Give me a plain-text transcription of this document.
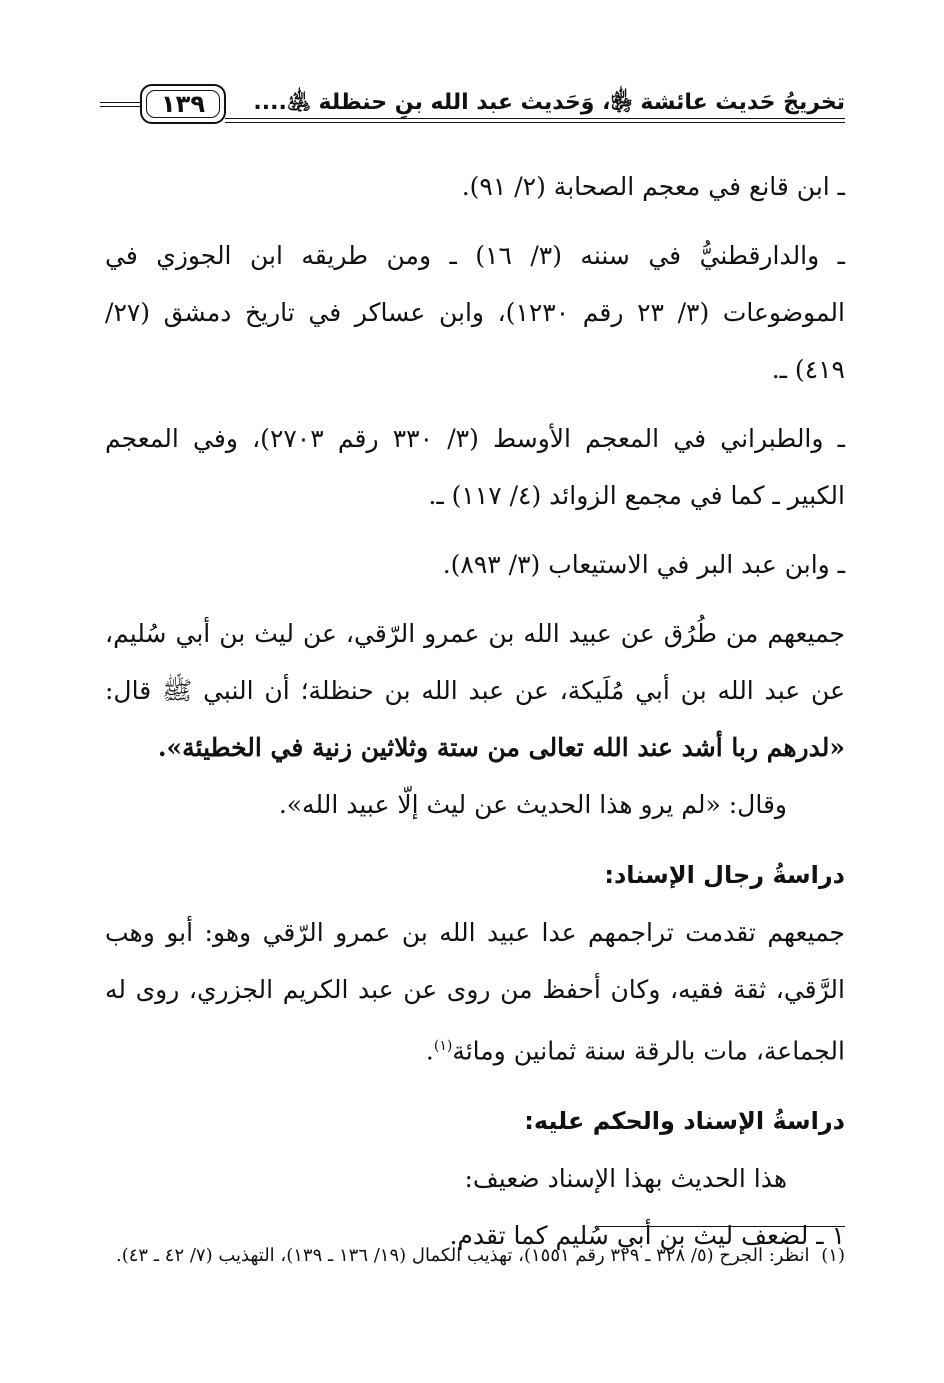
تخريجُ حَديث عائشة ﵂، وَحَديث عبد الله بنِ حنظلة ﵁....
١٣٩

ـ ابن قانع في معجم الصحابة (٢/ ٩١).

ـ والدارقطنيُّ في سننه (٣/ ١٦) ـ ومن طريقه ابن الجوزي في الموضوعات (٣/ ٢٣ رقم ١٢٣٠)، وابن عساكر في تاريخ دمشق (٢٧/ ٤١٩) ـ.

ـ والطبراني في المعجم الأوسط (٣/ ٣٣٠ رقم ٢٧٠٣)، وفي المعجم الكبير ـ كما في مجمع الزوائد (٤/ ١١٧) ـ.

ـ وابن عبد البر في الاستيعاب (٣/ ٨٩٣).

جميعهم من طُرُق عن عبيد الله بن عمرو الرّقي، عن ليث بن أبي سُليم، عن عبد الله بن أبي مُلَيكة، عن عبد الله بن حنظلة؛ أن النبي ﷺ قال: «لدرهم ربا أشد عند الله تعالى من ستة وثلاثين زنية في الخطيئة».

وقال: «لم يرو هذا الحديث عن ليث إلّا عبيد الله».

دراسةُ رجال الإسناد:

جميعهم تقدمت تراجمهم عدا عبيد الله بن عمرو الرّقي وهو: أبو وهب الرَّقي، ثقة فقيه، وكان أحفظ من روى عن عبد الكريم الجزري، روى له الجماعة، مات بالرقة سنة ثمانين ومائة$^{(١)}$.

دراسةُ الإسناد والحكم عليه:

هذا الحديث بهذا الإسناد ضعيف:

١ ـ لضعف ليث بن أبي سُليم كما تقدم.

(١) انظر: الجرح (٥/ ٣٢٨ ـ ٣٢٩ رقم ١٥٥١)، تهذيب الكمال (١٩/ ١٣٦ ـ ١٣٩)، التهذيب (٧/ ٤٢ ـ ٤٣).
